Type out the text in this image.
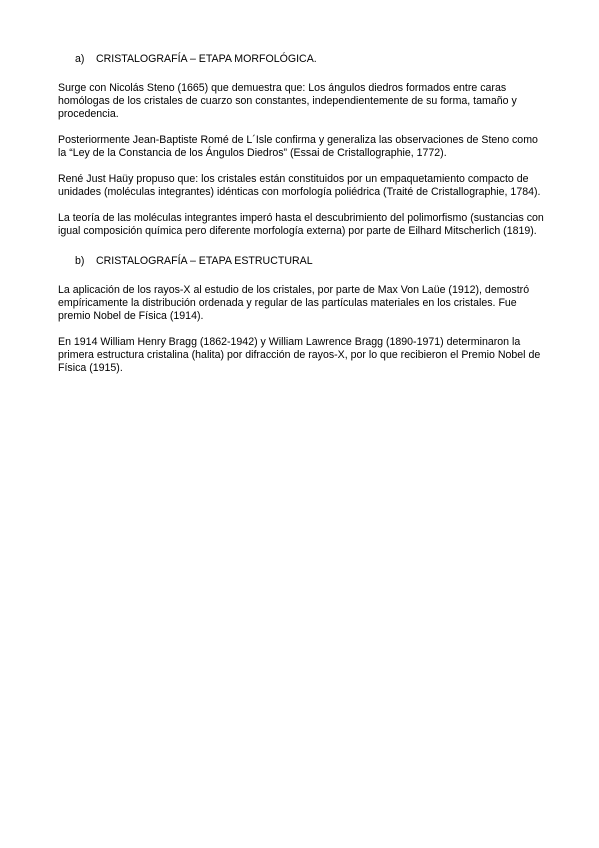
a) CRISTALOGRAFÍA – ETAPA MORFOLÓGICA.

Surge con Nicolás Steno (1665) que demuestra que: Los ángulos diedros formados entre caras homólogas de los cristales de cuarzo son constantes, independientemente de su forma, tamaño y procedencia.

Posteriormente Jean-Baptiste Romé de L´Isle confirma y generaliza las observaciones de Steno como la “Ley de la Constancia de los Ángulos Diedros” (Essai de Cristallographie, 1772).

René Just Haüy propuso que: los cristales están constituidos por un empaquetamiento compacto de unidades (moléculas integrantes) idénticas con morfología poliédrica (Traité de Cristallographie, 1784).

La teoría de las moléculas integrantes imperó hasta el descubrimiento del polimorfismo (sustancias con igual composición química pero diferente morfología externa) por parte de Eilhard Mitscherlich (1819).

b) CRISTALOGRAFÍA – ETAPA ESTRUCTURAL

La aplicación de los rayos-X al estudio de los cristales, por parte de Max Von Laüe (1912), demostró empíricamente la distribución ordenada y regular de las partículas materiales en los cristales. Fue premio Nobel de Física (1914).

En 1914 William Henry Bragg (1862-1942) y William Lawrence Bragg (1890-1971) determinaron la primera estructura cristalina (halita) por difracción de rayos-X, por lo que recibieron el Premio Nobel de Física (1915).
